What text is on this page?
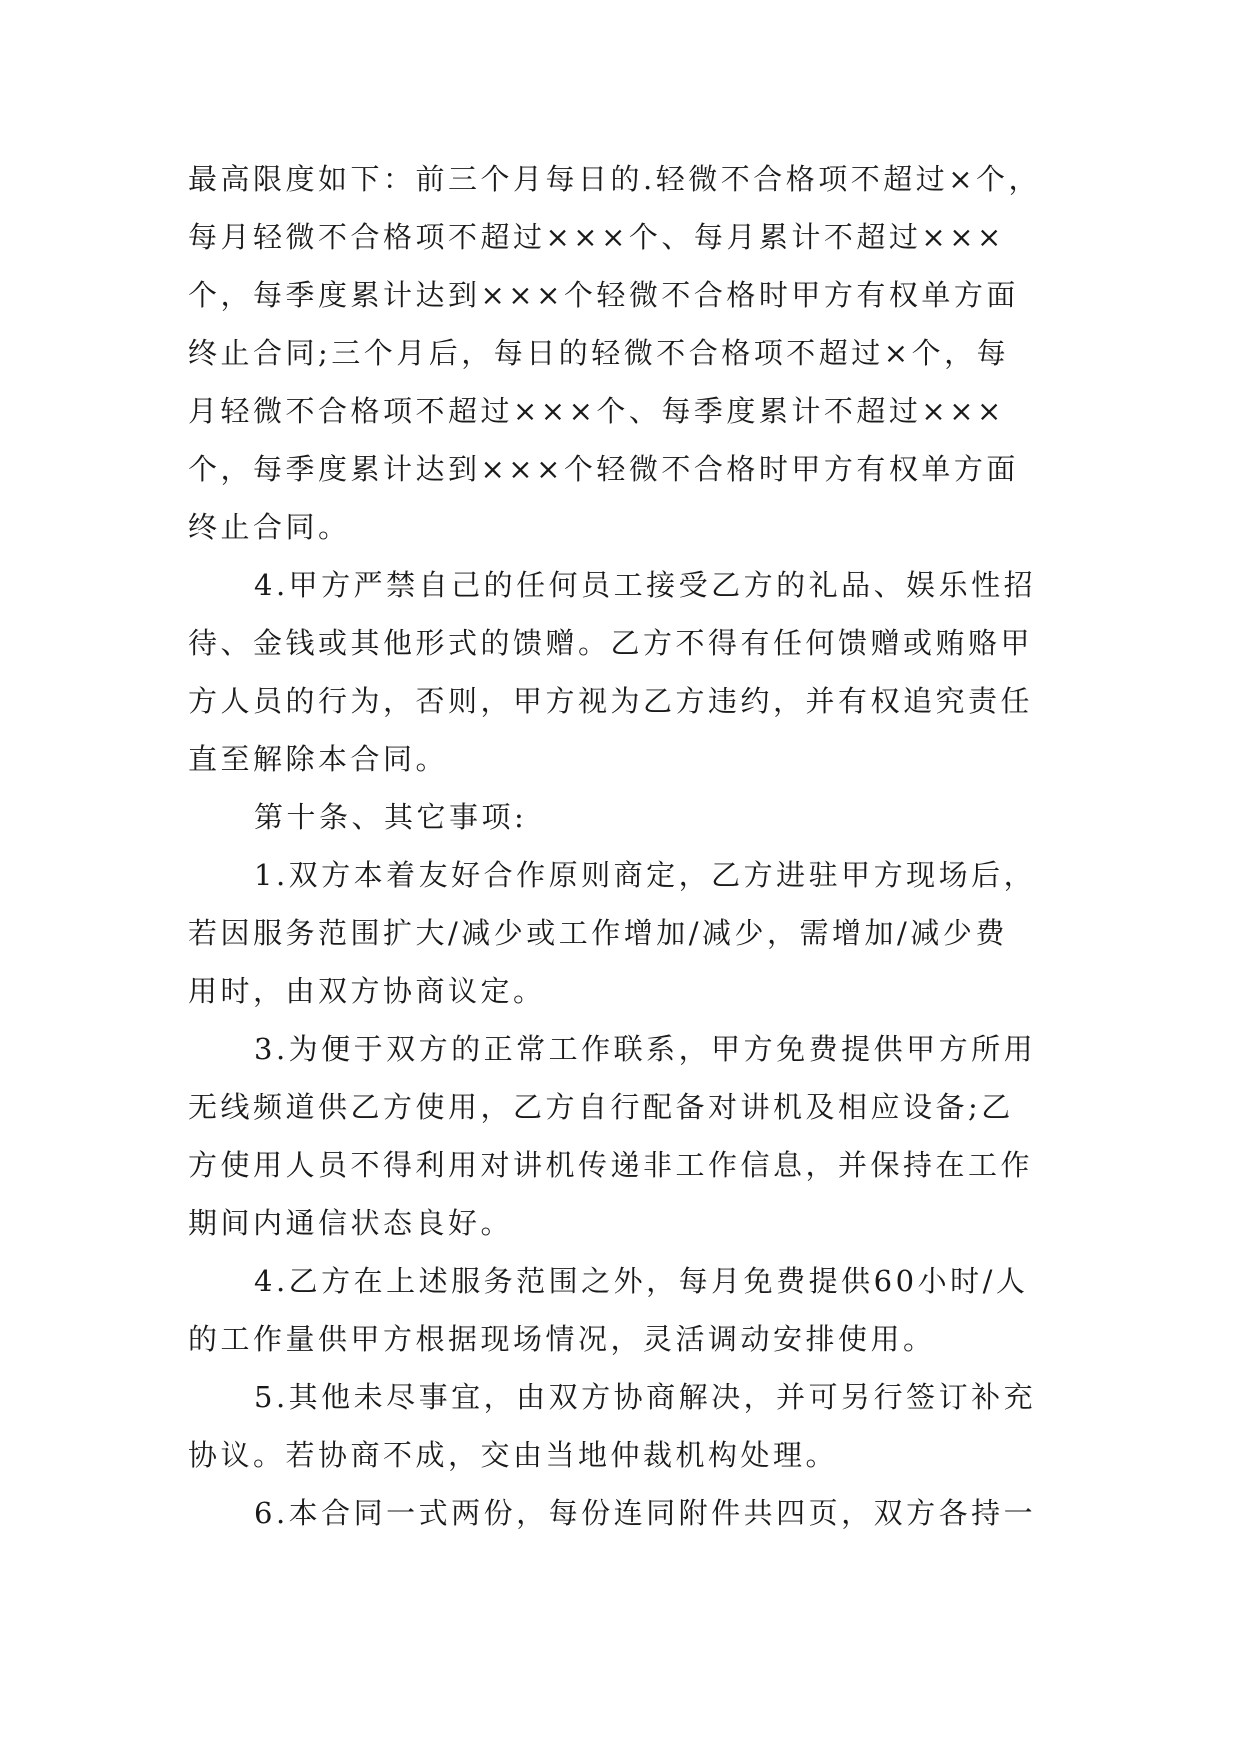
最高限度如下：前三个月每日的.轻微不合格项不超过×个，
每月轻微不合格项不超过×××个、每月累计不超过×××
个，每季度累计达到×××个轻微不合格时甲方有权单方面
终止合同;三个月后，每日的轻微不合格项不超过×个，每
月轻微不合格项不超过×××个、每季度累计不超过×××
个，每季度累计达到×××个轻微不合格时甲方有权单方面
终止合同。
4.甲方严禁自己的任何员工接受乙方的礼品、娱乐性招
待、金钱或其他形式的馈赠。乙方不得有任何馈赠或贿赂甲
方人员的行为，否则，甲方视为乙方违约，并有权追究责任
直至解除本合同。
第十条、其它事项:
1.双方本着友好合作原则商定，乙方进驻甲方现场后，
若因服务范围扩大/减少或工作增加/减少，需增加/减少费
用时，由双方协商议定。
3.为便于双方的正常工作联系，甲方免费提供甲方所用
无线频道供乙方使用，乙方自行配备对讲机及相应设备;乙
方使用人员不得利用对讲机传递非工作信息，并保持在工作
期间内通信状态良好。
4.乙方在上述服务范围之外，每月免费提供60小时/人
的工作量供甲方根据现场情况，灵活调动安排使用。
5.其他未尽事宜，由双方协商解决，并可另行签订补充
协议。若协商不成，交由当地仲裁机构处理。
6.本合同一式两份，每份连同附件共四页，双方各持一
